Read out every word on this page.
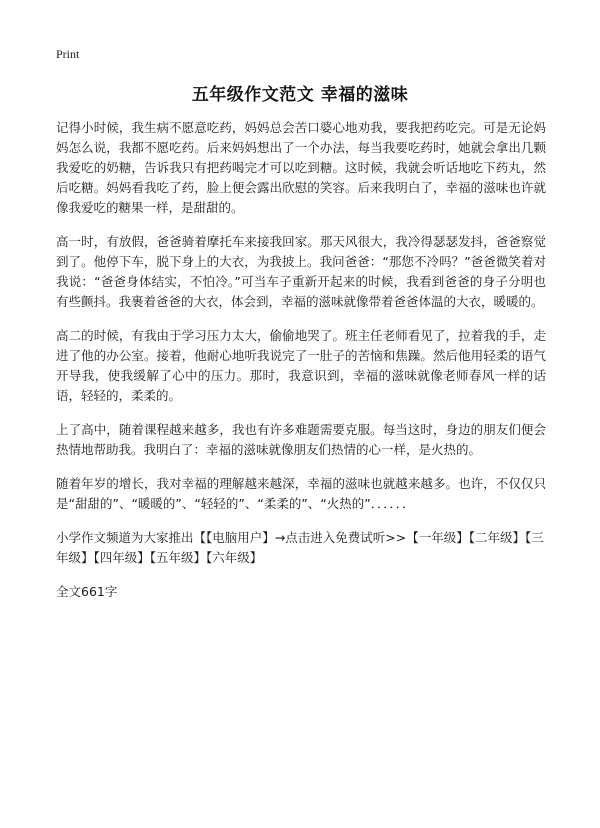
Print
五年级作文范文 幸福的滋味

记得小时候，我生病不愿意吃药，妈妈总会苦口婆心地劝我，要我把药吃完。可是无论妈妈怎么说，我都不愿吃药。后来妈妈想出了一个办法，每当我要吃药时，她就会拿出几颗我爱吃的奶糖，告诉我只有把药喝完才可以吃到糖。这时候，我就会听话地吃下药丸，然后吃糖。妈妈看我吃了药，脸上便会露出欣慰的笑容。后来我明白了，幸福的滋味也许就像我爱吃的糖果一样，是甜甜的。

高一时，有放假，爸爸骑着摩托车来接我回家。那天风很大，我冷得瑟瑟发抖，爸爸察觉到了。他停下车，脱下身上的大衣，为我披上。我问爸爸：“那您不冷吗？”爸爸微笑着对我说：“爸爸身体结实，不怕冷。”可当车子重新开起来的时候，我看到爸爸的身子分明也有些颤抖。我裹着爸爸的大衣，体会到，幸福的滋味就像带着爸爸体温的大衣，暖暖的。

高二的时候，有我由于学习压力太大，偷偷地哭了。班主任老师看见了，拉着我的手，走进了他的办公室。接着，他耐心地听我说完了一肚子的苦恼和焦躁。然后他用轻柔的语气开导我，使我缓解了心中的压力。那时，我意识到，幸福的滋味就像老师春风一样的话语，轻轻的，柔柔的。

上了高中，随着课程越来越多，我也有许多难题需要克服。每当这时，身边的朋友们便会热情地帮助我。我明白了：幸福的滋味就像朋友们热情的心一样，是火热的。

随着年岁的增长，我对幸福的理解越来越深，幸福的滋味也就越来越多。也许，不仅仅只是“甜甜的”、“暖暖的”、“轻轻的”、“柔柔的”、“火热的”．．．．．．

小学作文频道为大家推出【【电脑用户】→点击进入免费试听>>【一年级】【二年级】【三年级】【四年级】【五年级】【六年级】

全文661字
